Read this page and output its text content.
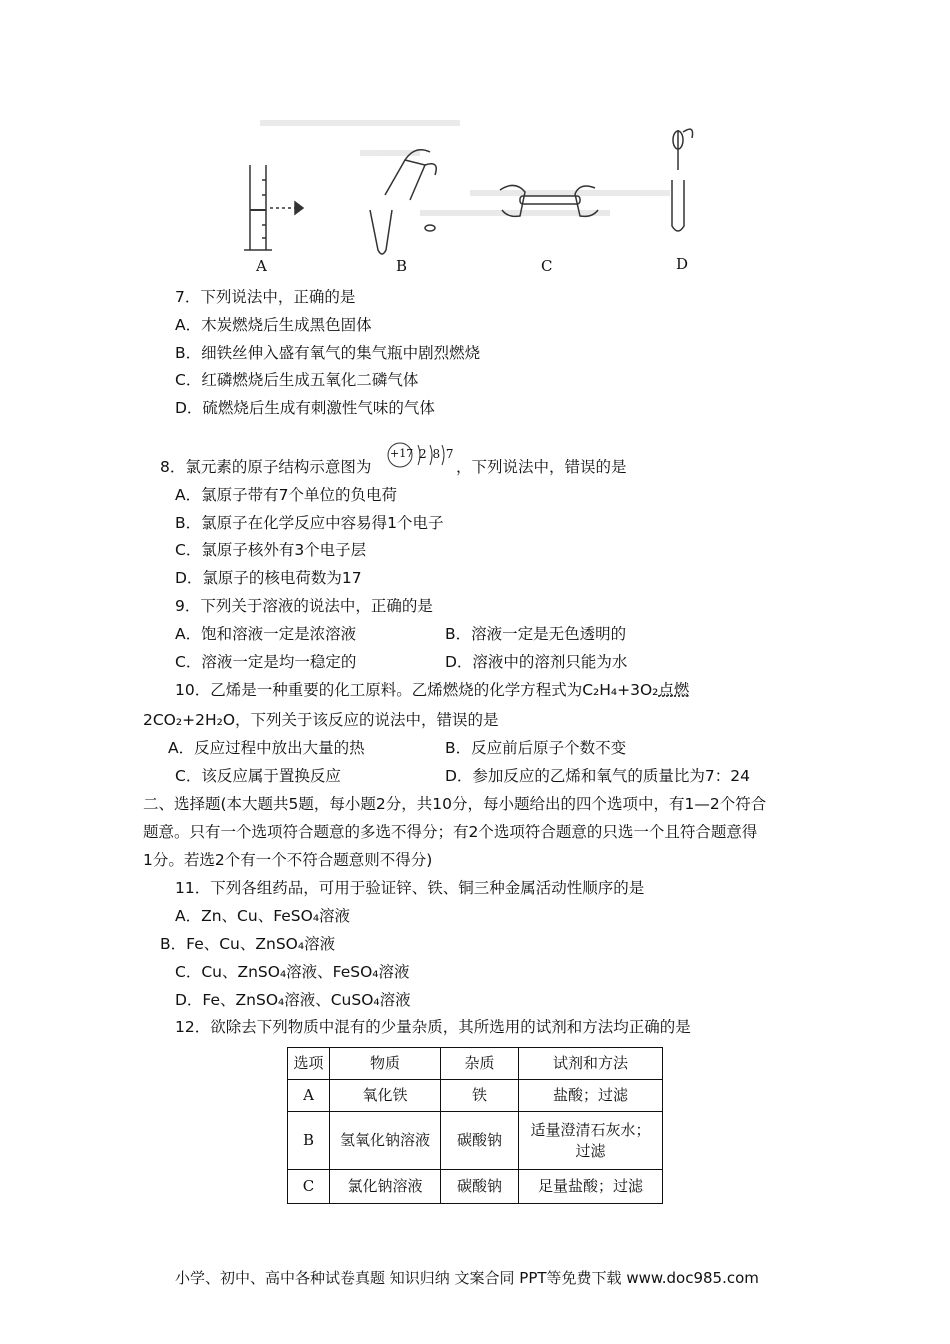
A	B	C	D
7．下列说法中，正确的是
A．木炭燃烧后生成黑色固体
B．细铁丝伸入盛有氧气的集气瓶中剧烈燃烧
C．红磷燃烧后生成五氧化二磷气体
D．硫燃烧后生成有刺激性气味的气体
8．氯元素的原子结构示意图为
+17 2 8 7
，下列说法中，错误的是
A．氯原子带有7个单位的负电荷
B．氯原子在化学反应中容易得1个电子
C．氯原子核外有3个电子层
D．氯原子的核电荷数为17
9．下列关于溶液的说法中，正确的是
A．饱和溶液一定是浓溶液	B．溶液一定是无色透明的
C．溶液一定是均一稳定的	D．溶液中的溶剂只能为水
10．乙烯是一种重要的化工原料。乙烯燃烧的化学方程式为C₂H₄+3O₂点燃
2CO₂+2H₂O，下列关于该反应的说法中，错误的是
A．反应过程中放出大量的热	B．反应前后原子个数不变
C．该反应属于置换反应	D．参加反应的乙烯和氧气的质量比为7：24
二、选择题(本大题共5题，每小题2分，共10分，每小题给出的四个选项中，有1—2个符合
题意。只有一个选项符合题意的多选不得分；有2个选项符合题意的只选一个且符合题意得
1分。若选2个有一个不符合题意则不得分)
11．下列各组药品，可用于验证锌、铁、铜三种金属活动性顺序的是
A．Zn、Cu、FeSO₄溶液
B．Fe、Cu、ZnSO₄溶液
C．Cu、ZnSO₄溶液、FeSO₄溶液
D．Fe、ZnSO₄溶液、CuSO₄溶液
12．欲除去下列物质中混有的少量杂质，其所选用的试剂和方法均正确的是
选项	物质	杂质	试剂和方法
A	氧化铁	铁	盐酸；过滤
B	氢氧化钠溶液	碳酸钠	适量澄清石灰水；过滤
C	氯化钠溶液	碳酸钠	足量盐酸；过滤
小学、初中、高中各种试卷真题 知识归纳 文案合同 PPT等免费下载 www.doc985.com
